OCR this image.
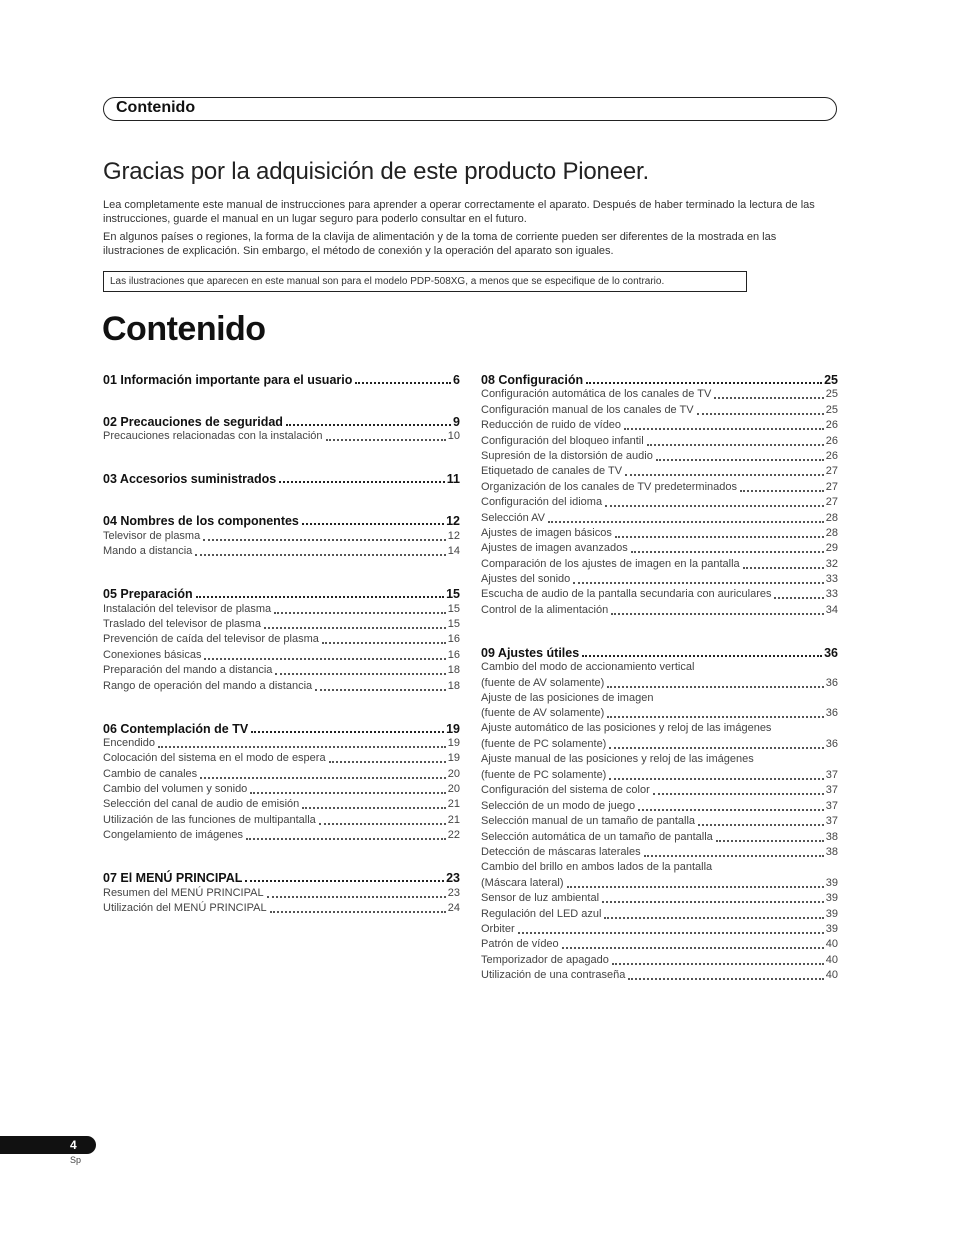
Contenido
Gracias por la adquisición de este producto Pioneer.

Lea completamente este manual de instrucciones para aprender a operar correctamente el aparato. Después de haber terminado la lectura de las instrucciones, guarde el manual en un lugar seguro para poderlo consultar en el futuro.

En algunos países o regiones, la forma de la clavija de alimentación y de la toma de corriente pueden ser diferentes de la mostrada en las ilustraciones de explicación. Sin embargo, el método de conexión y la operación del aparato son iguales.

Las ilustraciones que aparecen en este manual son para el modelo PDP-508XG, a menos que se especifique de lo contrario.
Contenido
01 Información importante para el usuario	6
02 Precauciones de seguridad	9
Precauciones relacionadas con la instalación	10
03 Accesorios suministrados	11
04 Nombres de los componentes	12
Televisor de plasma	12
Mando a distancia	14
05 Preparación	15
Instalación del televisor de plasma	15
Traslado del televisor de plasma	15
Prevención de caída del televisor de plasma	16
Conexiones básicas	16
Preparación del mando a distancia	18
Rango de operación del mando a distancia	18
06 Contemplación de TV	19
Encendido	19
Colocación del sistema en el modo de espera	19
Cambio de canales	20
Cambio del volumen y sonido	20
Selección del canal de audio de emisión	21
Utilización de las funciones de multipantalla	21
Congelamiento de imágenes	22
07 El MENÚ PRINCIPAL	23
Resumen del MENÚ PRINCIPAL	23
Utilización del MENÚ PRINCIPAL	24
08 Configuración	25
Configuración automática de los canales de TV	25
Configuración manual de los canales de TV	25
Reducción de ruido de vídeo	26
Configuración del bloqueo infantil	26
Supresión de la distorsión de audio	26
Etiquetado de canales de TV	27
Organización de los canales de TV predeterminados	27
Configuración del idioma	27
Selección AV	28
Ajustes de imagen básicos	28
Ajustes de imagen avanzados	29
Comparación de los ajustes de imagen en la pantalla	32
Ajustes del sonido	33
Escucha de audio de la pantalla secundaria con auriculares	33
Control de la alimentación	34
09 Ajustes útiles	36
Cambio del modo de accionamiento vertical
(fuente de AV solamente)	36
Ajuste de las posiciones de imagen
(fuente de AV solamente)	36
Ajuste automático de las posiciones y reloj de las imágenes
(fuente de PC solamente)	36
Ajuste manual de las posiciones y reloj de las imágenes
(fuente de PC solamente)	37
Configuración del sistema de color	37
Selección de un modo de juego	37
Selección manual de un tamaño de pantalla	37
Selección automática de un tamaño de pantalla	38
Detección de máscaras laterales	38
Cambio del brillo en ambos lados de la pantalla
(Máscara lateral)	39
Sensor de luz ambiental	39
Regulación del LED azul	39
Orbiter	39
Patrón de vídeo	40
Temporizador de apagado	40
Utilización de una contraseña	40
4
Sp
